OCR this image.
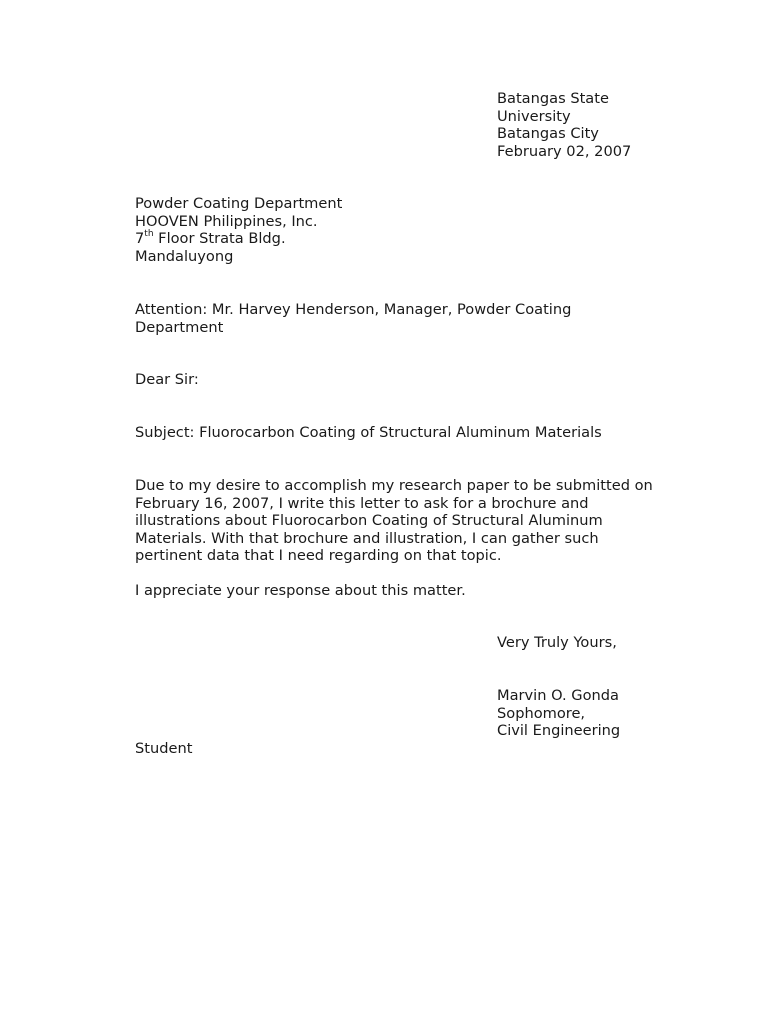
Batangas State
University
Batangas City
February 02, 2007
Powder Coating Department
HOOVEN Philippines, Inc.
7th Floor Strata Bldg.
Mandaluyong
Attention: Mr. Harvey Henderson, Manager, Powder Coating
Department
Dear Sir:
Subject: Fluorocarbon Coating of Structural Aluminum Materials
Due to my desire to accomplish my research paper to be submitted on
February 16, 2007, I write this letter to ask for a brochure and
illustrations about Fluorocarbon Coating of Structural Aluminum
Materials. With that brochure and illustration, I can gather such
pertinent data that I need regarding on that topic.
I appreciate your response about this matter.
Very Truly Yours,
Marvin O. Gonda
Sophomore,
Civil Engineering
Student
